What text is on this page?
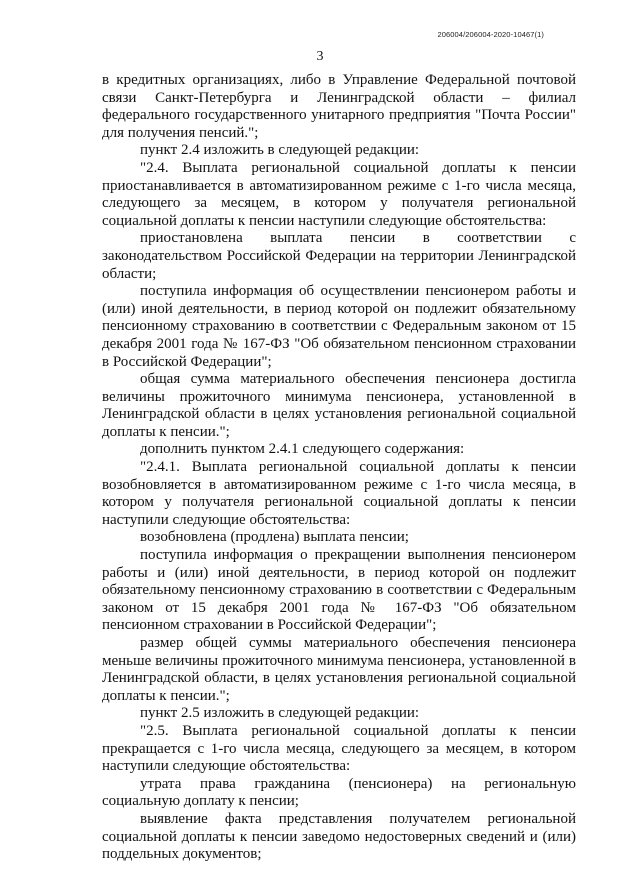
206004/206004-2020-10467(1)
3

в кредитных организациях, либо в Управление Федеральной почтовой связи Санкт-Петербурга и Ленинградской области – филиал федерального государственного унитарного предприятия "Почта России" для получения пенсий.";

пункт 2.4 изложить в следующей редакции:

"2.4. Выплата региональной социальной доплаты к пенсии приостанавливается в автоматизированном режиме с 1-го числа месяца, следующего за месяцем, в котором у получателя региональной социальной доплаты к пенсии наступили следующие обстоятельства:

приостановлена выплата пенсии в соответствии с законодательством Российской Федерации на территории Ленинградской области;

поступила информация об осуществлении пенсионером работы и (или) иной деятельности, в период которой он подлежит обязательному пенсионному страхованию в соответствии с Федеральным законом от 15 декабря 2001 года № 167-ФЗ "Об обязательном пенсионном страховании в Российской Федерации";

общая сумма материального обеспечения пенсионера достигла величины прожиточного минимума пенсионера, установленной в Ленинградской области в целях установления региональной социальной доплаты к пенсии.";

дополнить пунктом 2.4.1 следующего содержания:

"2.4.1. Выплата региональной социальной доплаты к пенсии возобновляется в автоматизированном режиме с 1-го числа месяца, в котором у получателя региональной социальной доплаты к пенсии наступили следующие обстоятельства:

возобновлена (продлена) выплата пенсии;

поступила информация о прекращении выполнения пенсионером работы и (или) иной деятельности, в период которой он подлежит обязательному пенсионному страхованию в соответствии с Федеральным законом от 15 декабря 2001 года № 167-ФЗ "Об обязательном пенсионном страховании в Российской Федерации";

размер общей суммы материального обеспечения пенсионера меньше величины прожиточного минимума пенсионера, установленной в Ленинградской области, в целях установления региональной социальной доплаты к пенсии.";

пункт 2.5 изложить в следующей редакции:

"2.5. Выплата региональной социальной доплаты к пенсии прекращается с 1-го числа месяца, следующего за месяцем, в котором наступили следующие обстоятельства:

утрата права гражданина (пенсионера) на региональную социальную доплату к пенсии;

выявление факта представления получателем региональной социальной доплаты к пенсии заведомо недостоверных сведений и (или) поддельных документов;
